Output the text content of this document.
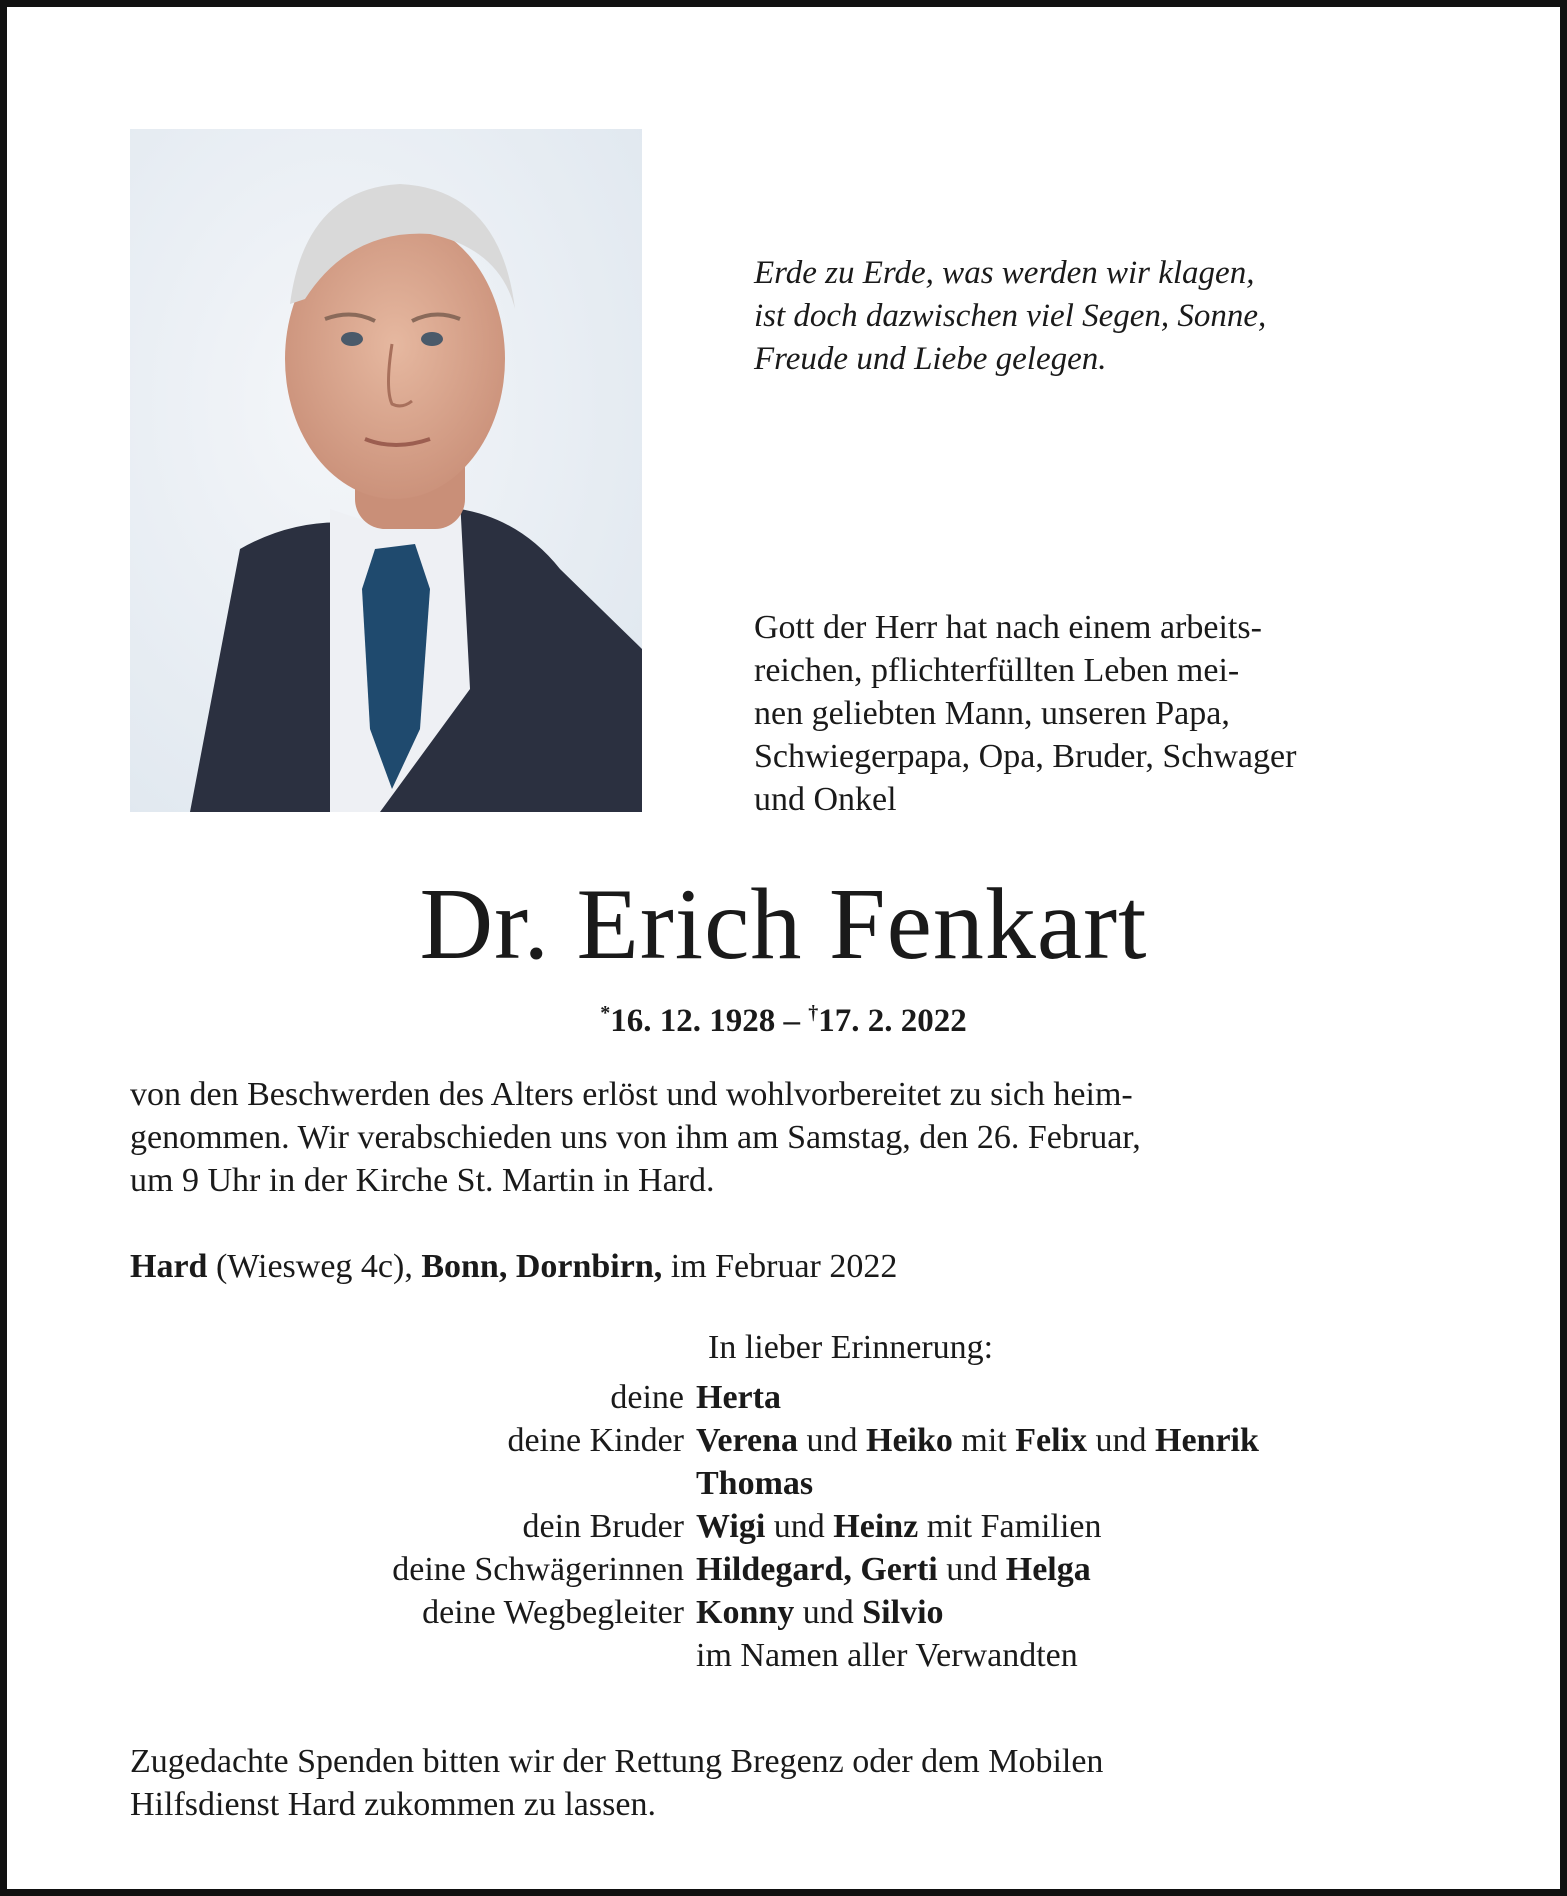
Erde zu Erde, was werden wir klagen,
ist doch dazwischen viel Segen, Sonne,
Freude und Liebe gelegen.
Gott der Herr hat nach einem arbeits-
reichen, pflichterfüllten Leben mei-
nen geliebten Mann, unseren Papa,
Schwiegerpapa, Opa, Bruder, Schwager
und Onkel
Dr. Erich Fenkart
*16. 12. 1928 – †17. 2. 2022
von den Beschwerden des Alters erlöst und wohlvorbereitet zu sich heim-
genommen. Wir verabschieden uns von ihm am Samstag, den 26. Februar,
um 9 Uhr in der Kirche St. Martin in Hard.
Hard (Wiesweg 4c), Bonn, Dornbirn, im Februar 2022
In lieber Erinnerung:
deine Herta
deine Kinder Verena und Heiko mit Felix und Henrik
Thomas
dein Bruder Wigi und Heinz mit Familien
deine Schwägerinnen Hildegard, Gerti und Helga
deine Wegbegleiter Konny und Silvio
im Namen aller Verwandten
Zugedachte Spenden bitten wir der Rettung Bregenz oder dem Mobilen
Hilfsdienst Hard zukommen zu lassen.
